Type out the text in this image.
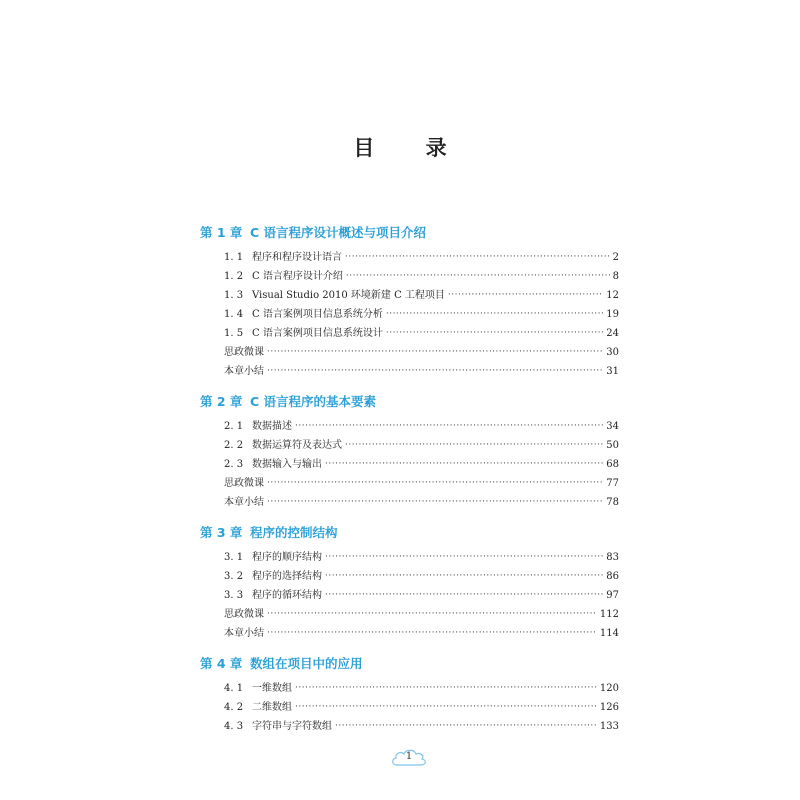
目 录
第 1 章 C 语言程序设计概述与项目介绍
1. 1 程序和程序设计语言 ·····	2
1. 2 C 语言程序设计介绍 ·····	8
1. 3 Visual Studio 2010 环境新建 C 工程项目 ·····	12
1. 4 C 语言案例项目信息系统分析 ·····	19
1. 5 C 语言案例项目信息系统设计 ·····	24
思政微课 ·····	30
本章小结 ·····	31
第 2 章 C 语言程序的基本要素
2. 1 数据描述 ·····	34
2. 2 数据运算符及表达式 ·····	50
2. 3 数据输入与输出 ·····	68
思政微课 ·····	77
本章小结 ·····	78
第 3 章 程序的控制结构
3. 1 程序的顺序结构 ·····	83
3. 2 程序的选择结构 ·····	86
3. 3 程序的循环结构 ·····	97
思政微课 ·····	112
本章小结 ·····	114
第 4 章 数组在项目中的应用
4. 1 一维数组 ·····	120
4. 2 二维数组 ·····	126
4. 3 字符串与字符数组 ·····	133
1
